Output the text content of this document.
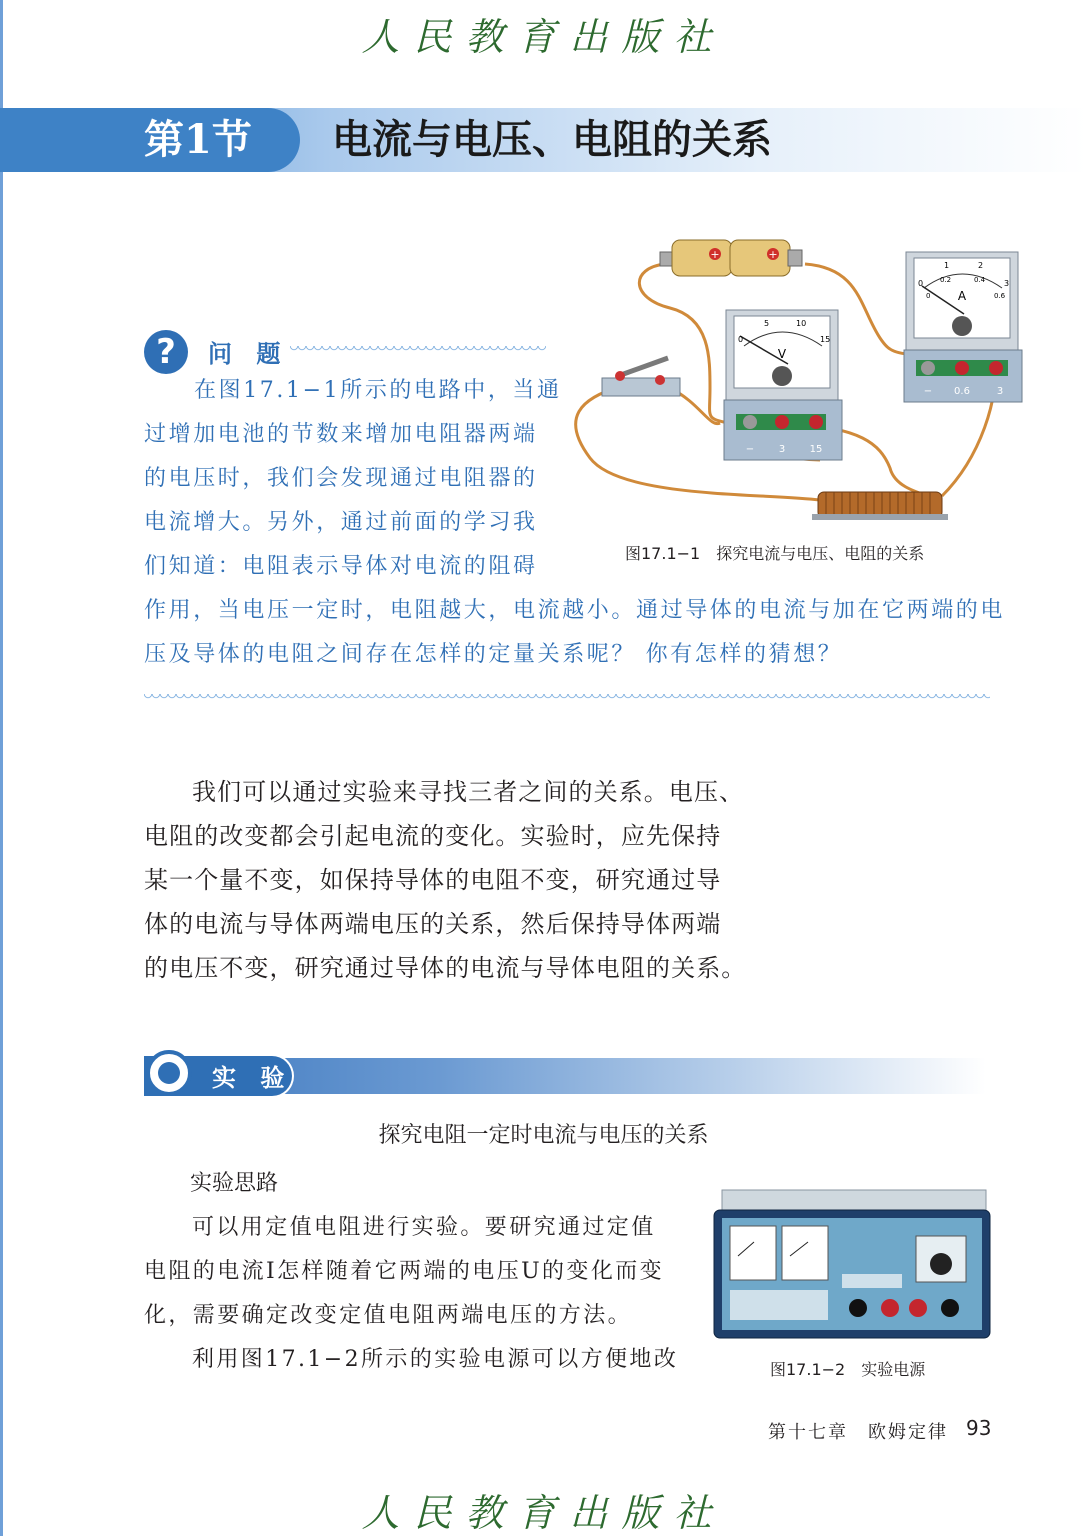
人民教育出版社
第1节 电流与电压、电阻的关系
?	问 题
在图17.1−1所示的电路中，当通
过增加电池的节数来增加电阻器两端
的电压时，我们会发现通过电阻器的
电流增大。另外，通过前面的学习我
们知道：电阻表示导体对电流的阻碍
作用，当电压一定时，电阻越大，电流越小。通过导体的电流与加在它两端的电
压及导体的电阻之间存在怎样的定量关系呢？ 你有怎样的猜想？
+	+
V
0
5	10
15
− 3 15
A
0
1	2
3
0
0.2	0.4
0.6
− 0.6	3
图17.1−1　探究电流与电压、电阻的关系
我们可以通过实验来寻找三者之间的关系。电压、
电阻的改变都会引起电流的变化。实验时，应先保持
某一个量不变，如保持导体的电阻不变，研究通过导
体的电流与导体两端电压的关系，然后保持导体两端
的电压不变，研究通过导体的电流与导体电阻的关系。
实 验
探究电阻一定时电流与电压的关系
实验思路
可以用定值电阻进行实验。要研究通过定值
电阻的电流I怎样随着它两端的电压U的变化而变
化，需要确定改变定值电阻两端电压的方法。
利用图17.1−2所示的实验电源可以方便地改	图17.1−2　实验电源
第十七章　欧姆定律 93
人民教育出版社
